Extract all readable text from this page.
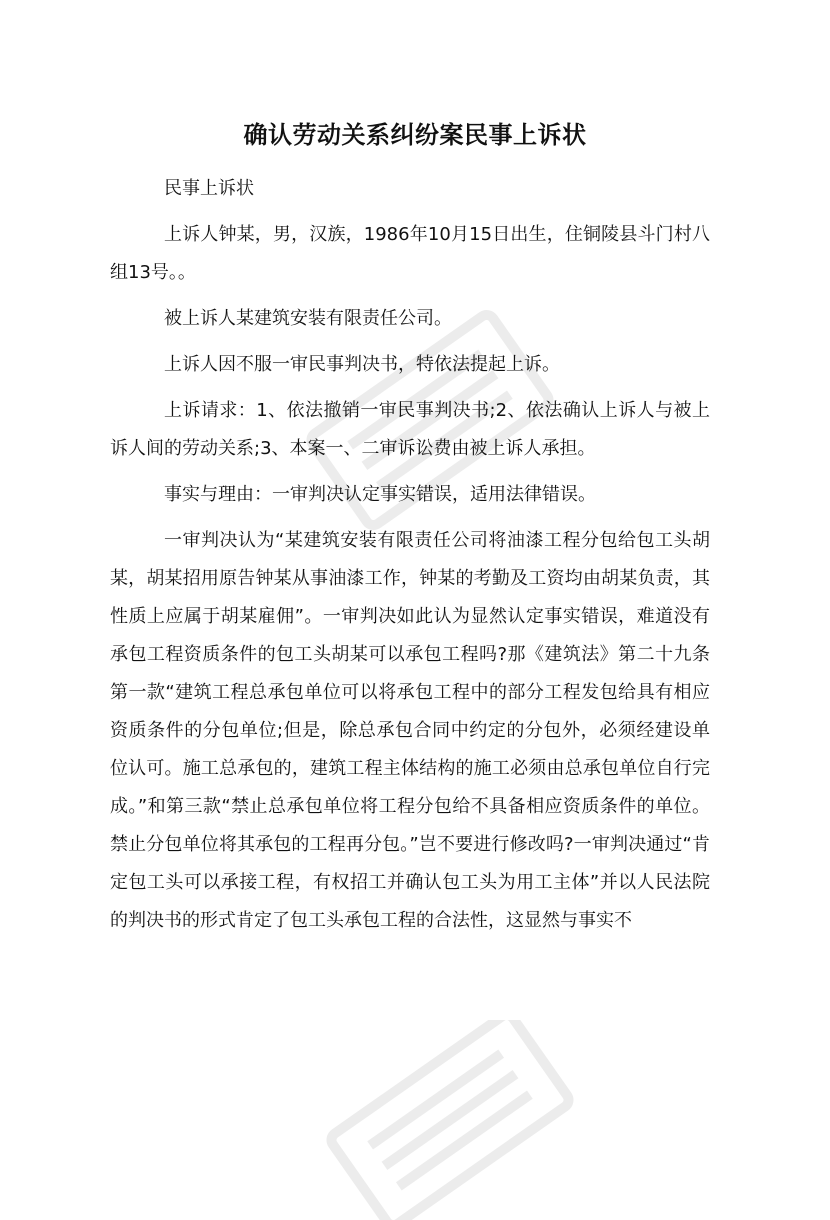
确认劳动关系纠纷案民事上诉状

民事上诉状

上诉人钟某，男，汉族，1986年10月15日出生，住铜陵县斗门村八组13号。。

被上诉人某建筑安装有限责任公司。

上诉人因不服一审民事判决书，特依法提起上诉。

上诉请求：1、依法撤销一审民事判决书;2、依法确认上诉人与被上诉人间的劳动关系;3、本案一、二审诉讼费由被上诉人承担。

事实与理由：一审判决认定事实错误，适用法律错误。

一审判决认为“某建筑安装有限责任公司将油漆工程分包给包工头胡某，胡某招用原告钟某从事油漆工作，钟某的考勤及工资均由胡某负责，其性质上应属于胡某雇佣”。一审判决如此认为显然认定事实错误，难道没有承包工程资质条件的包工头胡某可以承包工程吗?那《建筑法》第二十九条第一款“建筑工程总承包单位可以将承包工程中的部分工程发包给具有相应资质条件的分包单位;但是，除总承包合同中约定的分包外，必须经建设单位认可。施工总承包的，建筑工程主体结构的施工必须由总承包单位自行完成。”和第三款“禁止总承包单位将工程分包给不具备相应资质条件的单位。禁止分包单位将其承包的工程再分包。”岂不要进行修改吗?一审判决通过“肯定包工头可以承接工程，有权招工并确认包工头为用工主体”并以人民法院的判决书的形式肯定了包工头承包工程的合法性，这显然与事实不
